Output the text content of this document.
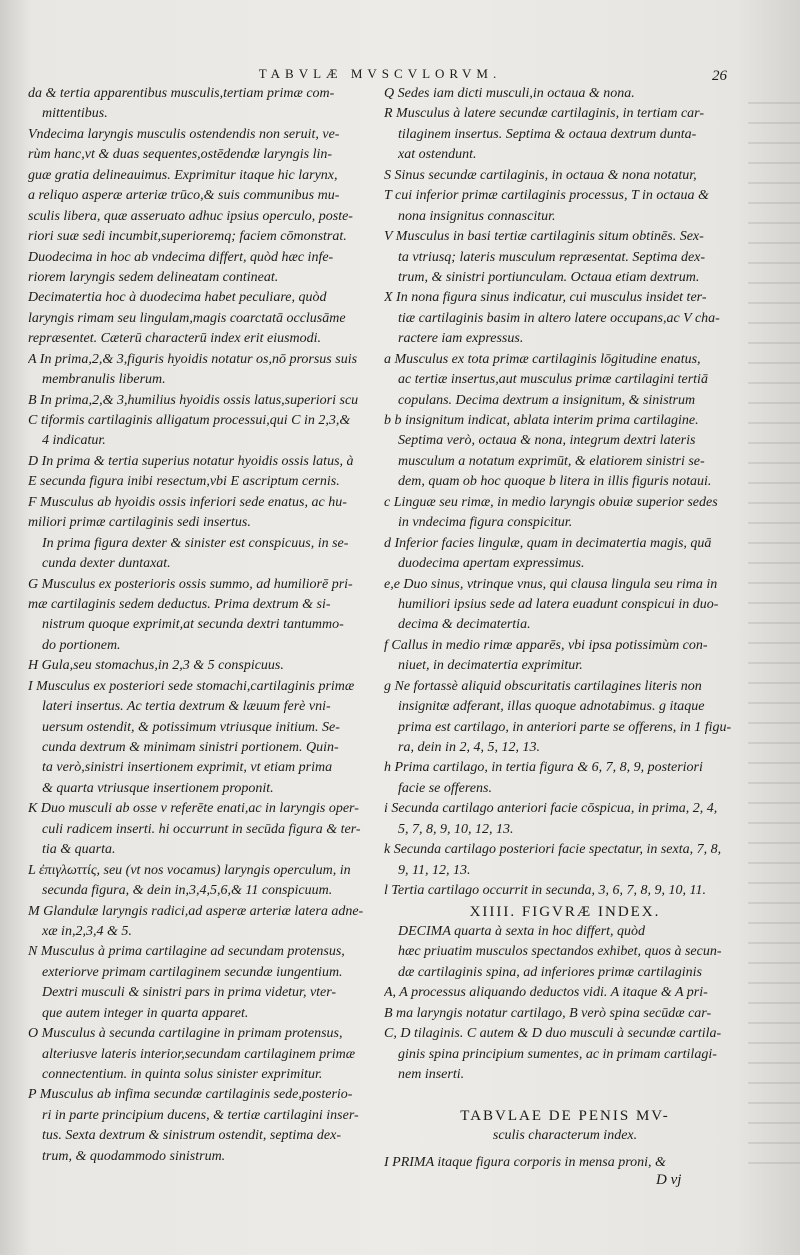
TABVLÆ MVSCVLORVM.	26
da & tertia apparentibus musculis,tertiam primæ com-
mittentibus.
Vndecima laryngis musculis ostendendis non seruit, ve-
rùm hanc,vt & duas sequentes,ostēdendæ laryngis lin-
guæ gratia delineauimus. Exprimitur itaque hic larynx,
a reliquo asperæ arteriæ trūco,& suis communibus mu-
sculis libera, quæ asseruato adhuc ipsius operculo, poste-
riori suæ sedi incumbit,superioremq; faciem cōmonstrat.
Duodecima in hoc ab vndecima differt, quòd hæc infe-
riorem laryngis sedem delineatam contineat.
Decimatertia hoc à duodecima habet peculiare, quòd
laryngis rimam seu lingulam,magis coarctatā occlusāme
repræsentet. Cæterū characterū index erit eiusmodi.
A In prima,2,& 3,figuris hyoidis notatur os,nō prorsus suis
membranulis liberum.
B In prima,2,& 3,humilius hyoidis ossis latus,superiori scu
C tiformis cartilaginis alligatum processui,qui C in 2,3,&
4 indicatur.
D In prima & tertia superius notatur hyoidis ossis latus, à
E secunda figura inibi resectum,vbi E ascriptum cernis.
F Musculus ab hyoidis ossis inferiori sede enatus, ac hu-
miliori primæ cartilaginis sedi insertus.
In prima figura dexter & sinister est conspicuus, in se-
cunda dexter duntaxat.
G Musculus ex posterioris ossis summo, ad humiliorē pri-
mæ cartilaginis sedem deductus. Prima dextrum & si-
nistrum quoque exprimit,at secunda dextri tantummo-
do portionem.
H Gula,seu stomachus,in 2,3 & 5 conspicuus.
I Musculus ex posteriori sede stomachi,cartilaginis primæ
lateri insertus. Ac tertia dextrum & læuum ferè vni-
uersum ostendit, & potissimum vtriusque initium. Se-
cunda dextrum & minimam sinistri portionem. Quin-
ta verò,sinistri insertionem exprimit, vt etiam prima
& quarta vtriusque insertionem proponit.
K Duo musculi ab osse v referēte enati,ac in laryngis oper-
culi radicem inserti. hi occurrunt in secūda figura & ter-
tia & quarta.
L ἐπιγλωττίς, seu (vt nos vocamus) laryngis operculum, in
secunda figura, & dein in,3,4,5,6,& 11 conspicuum.
M Glandulæ laryngis radici,ad asperæ arteriæ latera adne-
xæ in,2,3,4 & 5.
N Musculus à prima cartilagine ad secundam protensus,
exteriorve primam cartilaginem secundæ iungentium.
Dextri musculi & sinistri pars in prima videtur, vter-
que autem integer in quarta apparet.
O Musculus à secunda cartilagine in primam protensus,
alteriusve lateris interior,secundam cartilaginem primæ
connectentium. in quinta solus sinister exprimitur.
P Musculus ab infima secundæ cartilaginis sede,posterio-
ri in parte principium ducens, & tertiæ cartilagini inser-
tus. Sexta dextrum & sinistrum ostendit, septima dex-
trum, & quodammodo sinistrum.
Q Sedes iam dicti musculi,in octaua & nona.
R Musculus à latere secundæ cartilaginis, in tertiam car-
tilaginem insertus. Septima & octaua dextrum dunta-
xat ostendunt.
S Sinus secundæ cartilaginis, in octaua & nona notatur,
T cui inferior primæ cartilaginis processus, T in octaua &
nona insignitus connascitur.
V Musculus in basi tertiæ cartilaginis situm obtinēs. Sex-
ta vtriusq; lateris musculum repræsentat. Septima dex-
trum, & sinistri portiunculam. Octaua etiam dextrum.
X In nona figura sinus indicatur, cui musculus insidet ter-
tiæ cartilaginis basim in altero latere occupans,ac V cha-
ractere iam expressus.
a Musculus ex tota primæ cartilaginis lōgitudine enatus,
ac tertiæ insertus,aut musculus primæ cartilagini tertiā
copulans. Decima dextrum a insignitum, & sinistrum
b b insignitum indicat, ablata interim prima cartilagine.
Septima verò, octaua & nona, integrum dextri lateris
musculum a notatum exprimūt, & elatiorem sinistri se-
dem, quam ob hoc quoque b litera in illis figuris notaui.
c Linguæ seu rimæ, in medio laryngis obuiæ superior sedes
in vndecima figura conspicitur.
d Inferior facies lingulæ, quam in decimatertia magis, quā
duodecima apertam expressimus.
e,e Duo sinus, vtrinque vnus, qui clausa lingula seu rima in
humiliori ipsius sede ad latera euadunt conspicui in duo-
decima & decimatertia.
f Callus in medio rimæ apparēs, vbi ipsa potissimùm con-
niuet, in decimatertia exprimitur.
g Ne fortassè aliquid obscuritatis cartilagines literis non
insignitæ adferant, illas quoque adnotabimus. g itaque
prima est cartilago, in anteriori parte se offerens, in 1 figu-
ra, dein in 2, 4, 5, 12, 13.
h Prima cartilago, in tertia figura & 6, 7, 8, 9, posteriori
facie se offerens.
i Secunda cartilago anteriori facie cōspicua, in prima, 2, 4,
5, 7, 8, 9, 10, 12, 13.
k Secunda cartilago posteriori facie spectatur, in sexta, 7, 8,
9, 11, 12, 13.
l Tertia cartilago occurrit in secunda, 3, 6, 7, 8, 9, 10, 11.
XIIII. FIGVRÆ INDEX.
DECIMA quarta à sexta in hoc differt, quòd
hæc priuatim musculos spectandos exhibet, quos à secun-
dæ cartilaginis spina, ad inferiores primæ cartilaginis
A, A processus aliquando deductos vidi. A itaque & A pri-
B ma laryngis notatur cartilago, B verò spina secūdæ car-
C, D tilaginis. C autem & D duo musculi à secundæ cartila-
ginis spina principium sumentes, ac in primam cartilagi-
nem inserti.
TABVLAE DE PENIS MV-
sculis characterum index.
I PRIMA itaque figura corporis in mensa proni, &
D vj
